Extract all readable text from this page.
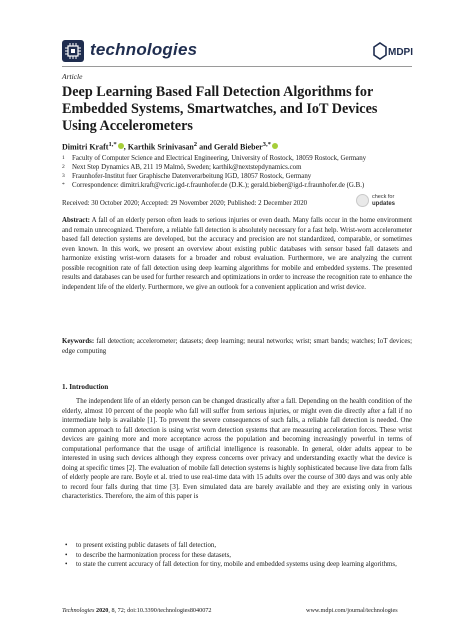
technologies	MDPI
Article
Deep Learning Based Fall Detection Algorithms for Embedded Systems, Smartwatches, and IoT Devices Using Accelerometers
Dimitri Kraft$^{1,*}$ , Karthik Srinivasan$^2$ and Gerald Bieber$^{3,*}$
1 Faculty of Computer Science and Electrical Engineering, University of Rostock, 18059 Rostock, Germany
2 Next Step Dynamics AB, 211 19 Malmö, Sweden; karthik@nextstepdynamics.com
3 Fraunhofer-Institut fuer Graphische Datenverarbeitung IGD, 18057 Rostock, Germany
* Correspondence: dimitri.kraft@vcric.igd-r.fraunhofer.de (D.K.); gerald.bieber@igd-r.fraunhofer.de (G.B.)
Received: 30 October 2020; Accepted: 29 November 2020; Published: 2 December 2020
check for
updates
Abstract: A fall of an elderly person often leads to serious injuries or even death. Many falls occur in the home environment and remain unrecognized. Therefore, a reliable fall detection is absolutely necessary for a fast help. Wrist-worn accelerometer based fall detection systems are developed, but the accuracy and precision are not standardized, comparable, or sometimes even known. In this work, we present an overview about existing public databases with sensor based fall datasets and harmonize existing wrist-worn datasets for a broader and robust evaluation. Furthermore, we are analyzing the current possible recognition rate of fall detection using deep learning algorithms for mobile and embedded systems. The presented results and databases can be used for further research and optimizations in order to increase the recognition rate to enhance the independent life of the elderly. Furthermore, we give an outlook for a convenient application and wrist device.
Keywords: fall detection; accelerometer; datasets; deep learning; neural networks; wrist; smart bands; watches; IoT devices; edge computing
1. Introduction

The independent life of an elderly person can be changed drastically after a fall. Depending on the health condition of the elderly, almost 10 percent of the people who fall will suffer from serious injuries, or might even die directly after a fall if no intermediate help is available [1]. To prevent the severe consequences of such falls, a reliable fall detection is needed. One common approach to fall detection is using wrist worn detection systems that are measuring acceleration forces. These wrist devices are gaining more and more acceptance across the population and becoming increasingly powerful in terms of computational performance that the usage of artificial intelligence is reasonable. In general, older adults appear to be interested in using such devices although they express concerns over privacy and understanding exactly what the device is doing at specific times [2]. The evaluation of mobile fall detection systems is highly sophisticated because live data from falls of elderly people are rare. Boyle et al. tried to use real-time data with 15 adults over the course of 300 days and was only able to record four falls during that time [3]. Even simulated data are barely available and they are existing only in various characteristics. Therefore, the aim of this paper is

• to present existing public datasets of fall detection,
• to describe the harmonization process for these datasets,
• to state the current accuracy of fall detection for tiny, mobile and embedded systems using deep learning algorithms,
Technologies 2020, 8, 72; doi:10.3390/technologies8040072	www.mdpi.com/journal/technologies
